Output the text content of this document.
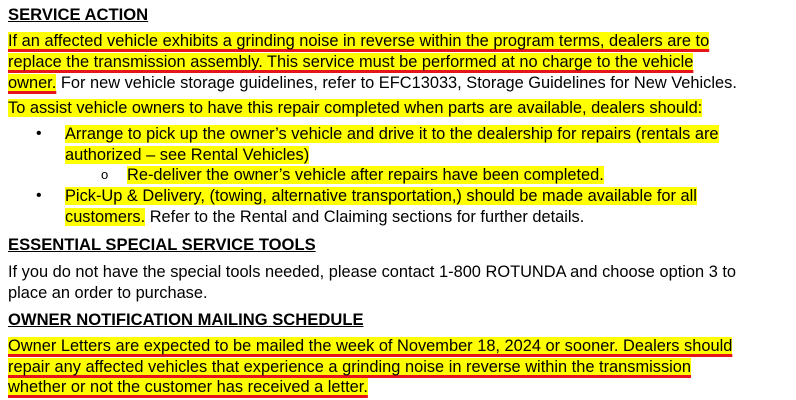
SERVICE ACTION
If an affected vehicle exhibits a grinding noise in reverse within the program terms, dealers are to
replace the transmission assembly. This service must be performed at no charge to the vehicle
owner. For new vehicle storage guidelines, refer to EFC13033, Storage Guidelines for New Vehicles.
To assist vehicle owners to have this repair completed when parts are available, dealers should:
• Arrange to pick up the owner’s vehicle and drive it to the dealership for repairs (rentals are
authorized – see Rental Vehicles)
o Re-deliver the owner’s vehicle after repairs have been completed.
• Pick-Up & Delivery, (towing, alternative transportation,) should be made available for all
customers. Refer to the Rental and Claiming sections for further details.
ESSENTIAL SPECIAL SERVICE TOOLS
If you do not have the special tools needed, please contact 1-800 ROTUNDA and choose option 3 to
place an order to purchase.
OWNER NOTIFICATION MAILING SCHEDULE
Owner Letters are expected to be mailed the week of November 18, 2024 or sooner. Dealers should
repair any affected vehicles that experience a grinding noise in reverse within the transmission
whether or not the customer has received a letter.
